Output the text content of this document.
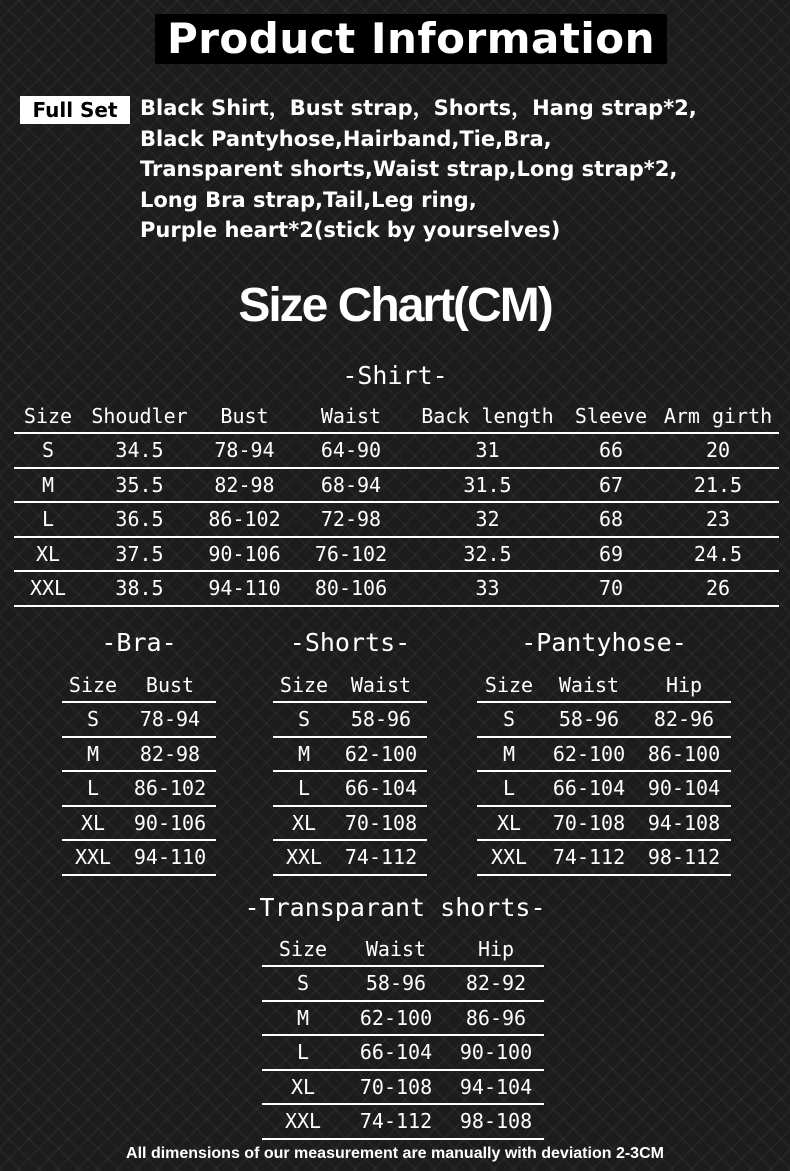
Product Information
Full Set	Black Shirt，Bust strap，Shorts，Hang strap*2,
Black Pantyhose,Hairband,Tie,Bra,
Transparent shorts,Waist strap,Long strap*2,
Long Bra strap,Tail,Leg ring,
Purple heart*2(stick by yourselves)
Size Chart(CM)
-Shirt-
Size	Shoudler	Bust	Waist	Back length	Sleeve	Arm girth
S	34.5	78-94	64-90	31	66	20
M	35.5	82-98	68-94	31.5	67	21.5
L	36.5	86-102	72-98	32	68	23
XL	37.5	90-106	76-102	32.5	69	24.5
XXL	38.5	94-110	80-106	33	70	26
-Bra-
Size	Bust
S	78-94
M	82-98
L	86-102
XL	90-106
XXL	94-110
-Shorts-
Size	Waist
S	58-96
M	62-100
L	66-104
XL	70-108
XXL	74-112
-Pantyhose-
Size	Waist	Hip
S	58-96	82-96
M	62-100	86-100
L	66-104	90-104
XL	70-108	94-108
XXL	74-112	98-112
-Transparant shorts-
Size	Waist	Hip
S	58-96	82-92
M	62-100	86-96
L	66-104	90-100
XL	70-108	94-104
XXL	74-112	98-108
All dimensions of our measurement are manually with deviation 2-3CM
